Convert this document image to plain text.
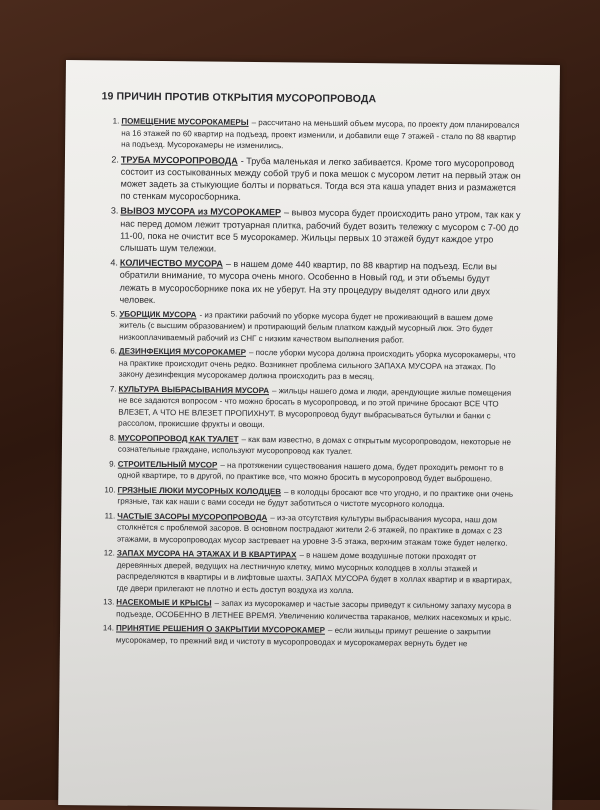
19 ПРИЧИН ПРОТИВ ОТКРЫТИЯ МУСОРОПРОВОДА
1. ПОМЕЩЕНИЕ МУСОРОКАМЕРЫ – рассчитано на меньший объем мусора, по проекту дом планировался на 16 этажей по 60 квартир на подъезд, проект изменили, и добавили еще 7 этажей - стало по 88 квартир на подъезд. Мусорокамеры не изменились.
2. ТРУБА МУСОРОПРОВОДА - Труба маленькая и легко забивается. Кроме того мусоропровод состоит из состыкованных между собой труб и пока мешок с мусором летит на первый этаж он может задеть за стыкующие болты и порваться. Тогда вся эта каша упадет вниз и размажется по стенкам мусоросборника.
3. ВЫВОЗ МУСОРА из МУСОРОКАМЕР – вывоз мусора будет происходить рано утром, так как у нас перед домом лежит тротуарная плитка, рабочий будет возить тележку с мусором с 7-00 до 11-00, пока не очистит все 5 мусорокамер. Жильцы первых 10 этажей будут каждое утро слышать шум тележки.
4. КОЛИЧЕСТВО МУСОРА – в нашем доме 440 квартир, по 88 квартир на подъезд. Если вы обратили внимание, то мусора очень много. Особенно в Новый год, и эти объемы будут лежать в мусоросборнике пока их не уберут. На эту процедуру выделят одного или двух человек.
5. УБОРЩИК МУСОРА - из практики рабочий по уборке мусора будет не проживающий в вашем доме житель (с высшим образованием) и протирающий белым платком каждый мусорный люк. Это будет низкооплачиваемый рабочий из СНГ с низким качеством выполнения работ.
6. ДЕЗИНФЕКЦИЯ МУСОРОКАМЕР – после уборки мусора должна происходить уборка мусорокамеры, что на практике происходит очень редко. Возникнет проблема сильного ЗАПАХА МУСОРА на этажах. По закону дезинфекция мусорокамер должна происходить раз в месяц.
7. КУЛЬТУРА ВЫБРАСЫВАНИЯ МУСОРА – жильцы нашего дома и люди, арендующие жилые помещения не все задаются вопросом - что можно бросать в мусоропровод, и по этой причине бросают ВСЕ ЧТО ВЛЕЗЕТ, А ЧТО НЕ ВЛЕЗЕТ ПРОПИХНУТ. В мусоропровод будут выбрасываться бутылки и банки с рассолом, прокисшие фрукты и овощи.
8. МУСОРОПРОВОД КАК ТУАЛЕТ – как вам известно, в домах с открытым мусоропроводом, некоторые не сознательные граждане, используют мусоропровод как туалет.
9. СТРОИТЕЛЬНЫЙ МУСОР – на протяжении существования нашего дома, будет проходить ремонт то в одной квартире, то в другой, по практике все, что можно бросить в мусоропровод будет выброшено.
10. ГРЯЗНЫЕ ЛЮКИ МУСОРНЫХ КОЛОДЦЕВ – в колодцы бросают все что угодно, и по практике они очень грязные, так как наши с вами соседи не будут заботиться о чистоте мусорного колодца.
11. ЧАСТЫЕ ЗАСОРЫ МУСОРОПРОВОДА – из-за отсутствия культуры выбрасывания мусора, наш дом столкнётся с проблемой засоров. В основном пострадают жители 2-6 этажей, по практике в домах с 23 этажами, в мусоропроводах мусор застревает на уровне 3-5 этажа, верхним этажам тоже будет нелегко.
12. ЗАПАХ МУСОРА НА ЭТАЖАХ И В КВАРТИРАХ – в нашем доме воздушные потоки проходят от деревянных дверей, ведущих на лестничную клетку, мимо мусорных колодцев в холлы этажей и распределяются в квартиры и в лифтовые шахты. ЗАПАХ МУСОРА будет в холлах квартир и в квартирах, где двери прилегают не плотно и есть доступ воздуха из холла.
13. НАСЕКОМЫЕ И КРЫСЫ – запах из мусорокамер и частые засоры приведут к сильному запаху мусора в подъезде, ОСОБЕННО В ЛЕТНЕЕ ВРЕМЯ. Увеличению количества тараканов, мелких насекомых и крыс.
14. ПРИНЯТИЕ РЕШЕНИЯ О ЗАКРЫТИИ МУСОРОКАМЕР – если жильцы примут решение о закрытии мусорокамер, то прежний вид и чистоту в мусоропроводах и мусорокамерах вернуть будет не
